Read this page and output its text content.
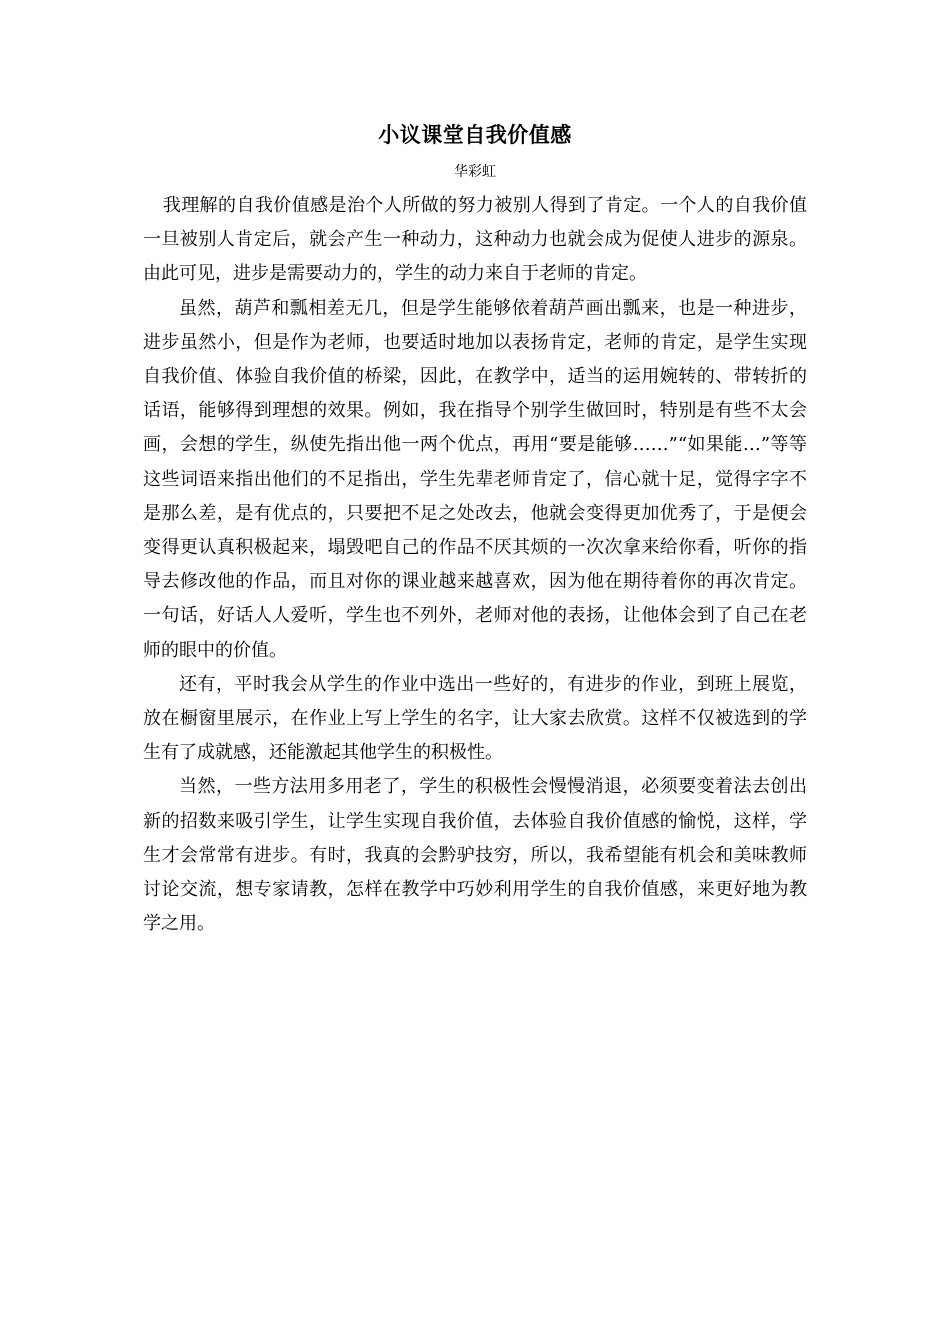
小议课堂自我价值感
华彩虹

我理解的自我价值感是治个人所做的努力被别人得到了肯定。一个人的自我价值一旦被别人肯定后，就会产生一种动力，这种动力也就会成为促使人进步的源泉。由此可见，进步是需要动力的，学生的动力来自于老师的肯定。

虽然，葫芦和瓢相差无几，但是学生能够依着葫芦画出瓢来，也是一种进步，进步虽然小，但是作为老师，也要适时地加以表扬肯定，老师的肯定，是学生实现自我价值、体验自我价值的桥梁，因此，在教学中，适当的运用婉转的、带转折的话语，能够得到理想的效果。例如，我在指导个别学生做回时，特别是有些不太会画，会想的学生，纵使先指出他一两个优点，再用“要是能够……”“如果能…”等等这些词语来指出他们的不足指出，学生先辈老师肯定了，信心就十足，觉得字字不是那么差，是有优点的，只要把不足之处改去，他就会变得更加优秀了，于是便会变得更认真积极起来，塌毁吧自己的作品不厌其烦的一次次拿来给你看，听你的指导去修改他的作品，而且对你的课业越来越喜欢，因为他在期待着你的再次肯定。一句话，好话人人爱听，学生也不列外，老师对他的表扬，让他体会到了自己在老师的眼中的价值。

还有，平时我会从学生的作业中选出一些好的，有进步的作业，到班上展览，放在橱窗里展示，在作业上写上学生的名字，让大家去欣赏。这样不仅被选到的学生有了成就感，还能激起其他学生的积极性。

当然，一些方法用多用老了，学生的积极性会慢慢消退，必须要变着法去创出新的招数来吸引学生，让学生实现自我价值，去体验自我价值感的愉悦，这样，学生才会常常有进步。有时，我真的会黔驴技穷，所以，我希望能有机会和美味教师讨论交流，想专家请教，怎样在教学中巧妙利用学生的自我价值感，来更好地为教学之用。
